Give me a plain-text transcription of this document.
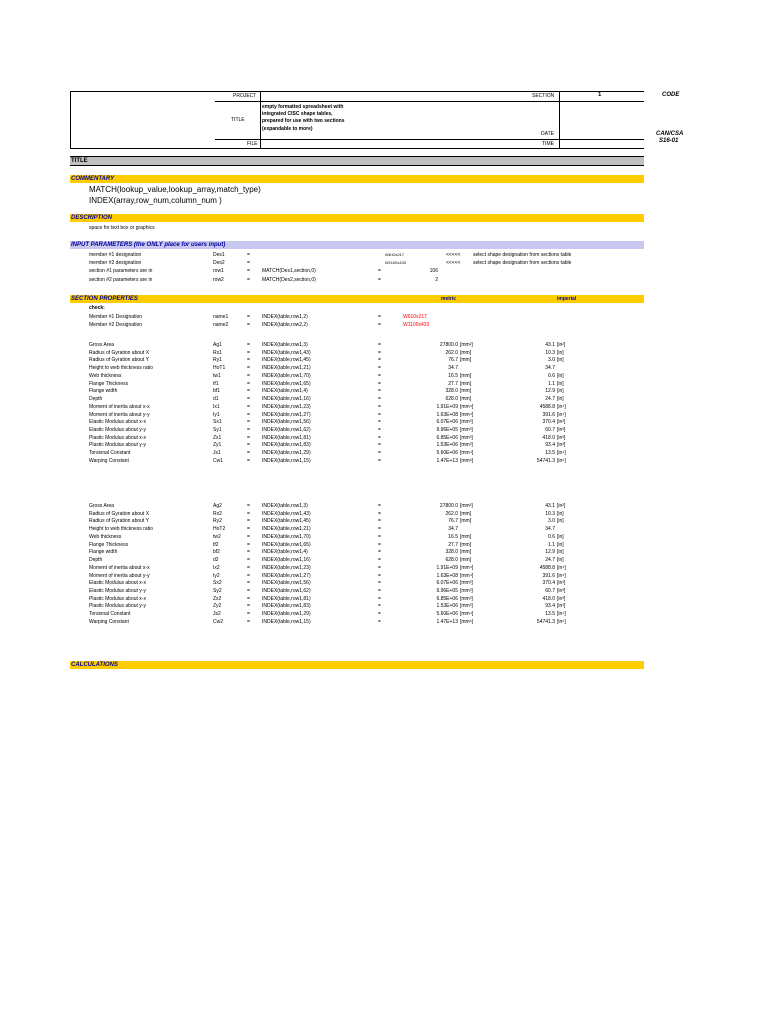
PROJECT
TITLE
FILE
SECTION	1
DATE
TIME
empty formatted spreadsheet with
integrated CISC shape tables,
prepared for use with two sections
(expandable to more)
CODE
CAN/CSA
S16-01
TITLE
COMMENTARY
MATCH(lookup_value,lookup_array,match_type)
INDEX(array,row_num,column_num )
DESCRIPTION
space for text box or graphics
INPUT PARAMETERS (the ONLY place for users input)
member #1 designation	Des1	=	W610x217	<<<<< select shape designation from sections table
member #2 designation	Des2	=	W1100x433	<<<<< select shape designation from sections table
section #1 parameters are in	row1	= MATCH(Des1,section,0)	=	106
section #2 parameters are in	row2	= MATCH(Des2,section,0)	=	2
SECTION PROPERTIES	metric	imperial
check:
Member #1 Designation	name1	= INDEX(table,row1,2)	=	W610x217
Member #2 Designation	name2	= INDEX(table,row2,2)	=	W1100x433
Gross Area	Ag1	= INDEX(table,row1,3)	=	27800.0 [mm²]	43.1 [in²]
Radius of Gyration about X	Rx1	= INDEX(table,row1,43)	=	262.0 [mm]	10.3 [in]
Radius of Gyration about Y	Ry1	= INDEX(table,row1,45)	=	76.7 [mm]	3.0 [in]
Height to web thickness ratio	HoT1	= INDEX(table,row1,21)	=	34.7	34.7
Web thickness	tw1	= INDEX(table,row1,70)	=	16.5 [mm]	0.6 [in]
Flange Thickness	tf1	= INDEX(table,row1,65)	=	27.7 [mm]	1.1 [in]
Flange width	bf1	= INDEX(table,row1,4)	=	328.0 [mm]	12.9 [in]
Depth	d1	= INDEX(table,row1,16)	=	628.0 [mm]	24.7 [in]
Moment of inertia about x-x	Ix1	= INDEX(table,row1,23)	=	1.91E+09 [mm⁴]	4588.8 [in⁴]
Moment of inertia about y-y	Iy1	= INDEX(table,row1,27)	=	1.63E+08 [mm⁴]	391.6 [in⁴]
Elastic Modulus about x-x	Sx1	= INDEX(table,row1,56)	=	6.07E+06 [mm³]	370.4 [in³]
Elastic Modulus about y-y	Sy1	= INDEX(table,row1,62)	=	9.96E+05 [mm³]	60.7 [in³]
Plastic Modulus about x-x	Zx1	= INDEX(table,row1,81)	=	6.85E+06 [mm³]	418.0 [in³]
Plastic Modulus about y-y	Zy1	= INDEX(table,row1,83)	=	1.53E+06 [mm³]	93.4 [in³]
Torsional Constant	Js1	= INDEX(table,row1,29)	=	5.60E+06 [mm⁴]	13.5 [in⁴]
Warping Constant	Cw1	= INDEX(table,row1,15)	=	1.47E+13 [mm⁶]	54741.3 [in⁶]
Gross Area	Ag2	= INDEX(table,row1,3)	=	27800.0 [mm²]	43.1 [in²]
Radius of Gyration about X	Rx2	= INDEX(table,row1,43)	=	262.0 [mm]	10.3 [in]
Radius of Gyration about Y	Ry2	= INDEX(table,row1,45)	=	76.7 [mm]	3.0 [in]
Height to web thickness ratio	HoT2	= INDEX(table,row1,21)	=	34.7	34.7
Web thickness	tw2	= INDEX(table,row1,70)	=	16.5 [mm]	0.6 [in]
Flange Thickness	tf2	= INDEX(table,row1,65)	=	27.7 [mm]	1.1 [in]
Flange width	bf2	= INDEX(table,row1,4)	=	328.0 [mm]	12.9 [in]
Depth	d2	= INDEX(table,row1,16)	=	628.0 [mm]	24.7 [in]
Moment of inertia about x-x	Ix2	= INDEX(table,row1,23)	=	1.91E+09 [mm⁴]	4588.8 [in⁴]
Moment of inertia about y-y	Iy2	= INDEX(table,row1,27)	=	1.63E+08 [mm⁴]	391.6 [in⁴]
Elastic Modulus about x-x	Sx2	= INDEX(table,row1,56)	=	6.07E+06 [mm³]	370.4 [in³]
Elastic Modulus about y-y	Sy2	= INDEX(table,row1,62)	=	9.96E+05 [mm³]	60.7 [in³]
Plastic Modulus about x-x	Zx2	= INDEX(table,row1,81)	=	6.85E+06 [mm³]	418.0 [in³]
Plastic Modulus about y-y	Zy2	= INDEX(table,row1,83)	=	1.53E+06 [mm³]	93.4 [in³]
Torsional Constant	Js2	= INDEX(table,row1,29)	=	5.60E+06 [mm⁴]	13.5 [in⁴]
Warping Constant	Cw2	= INDEX(table,row1,15)	=	1.47E+13 [mm⁶]	54741.3 [in⁶]
CALCULATIONS
